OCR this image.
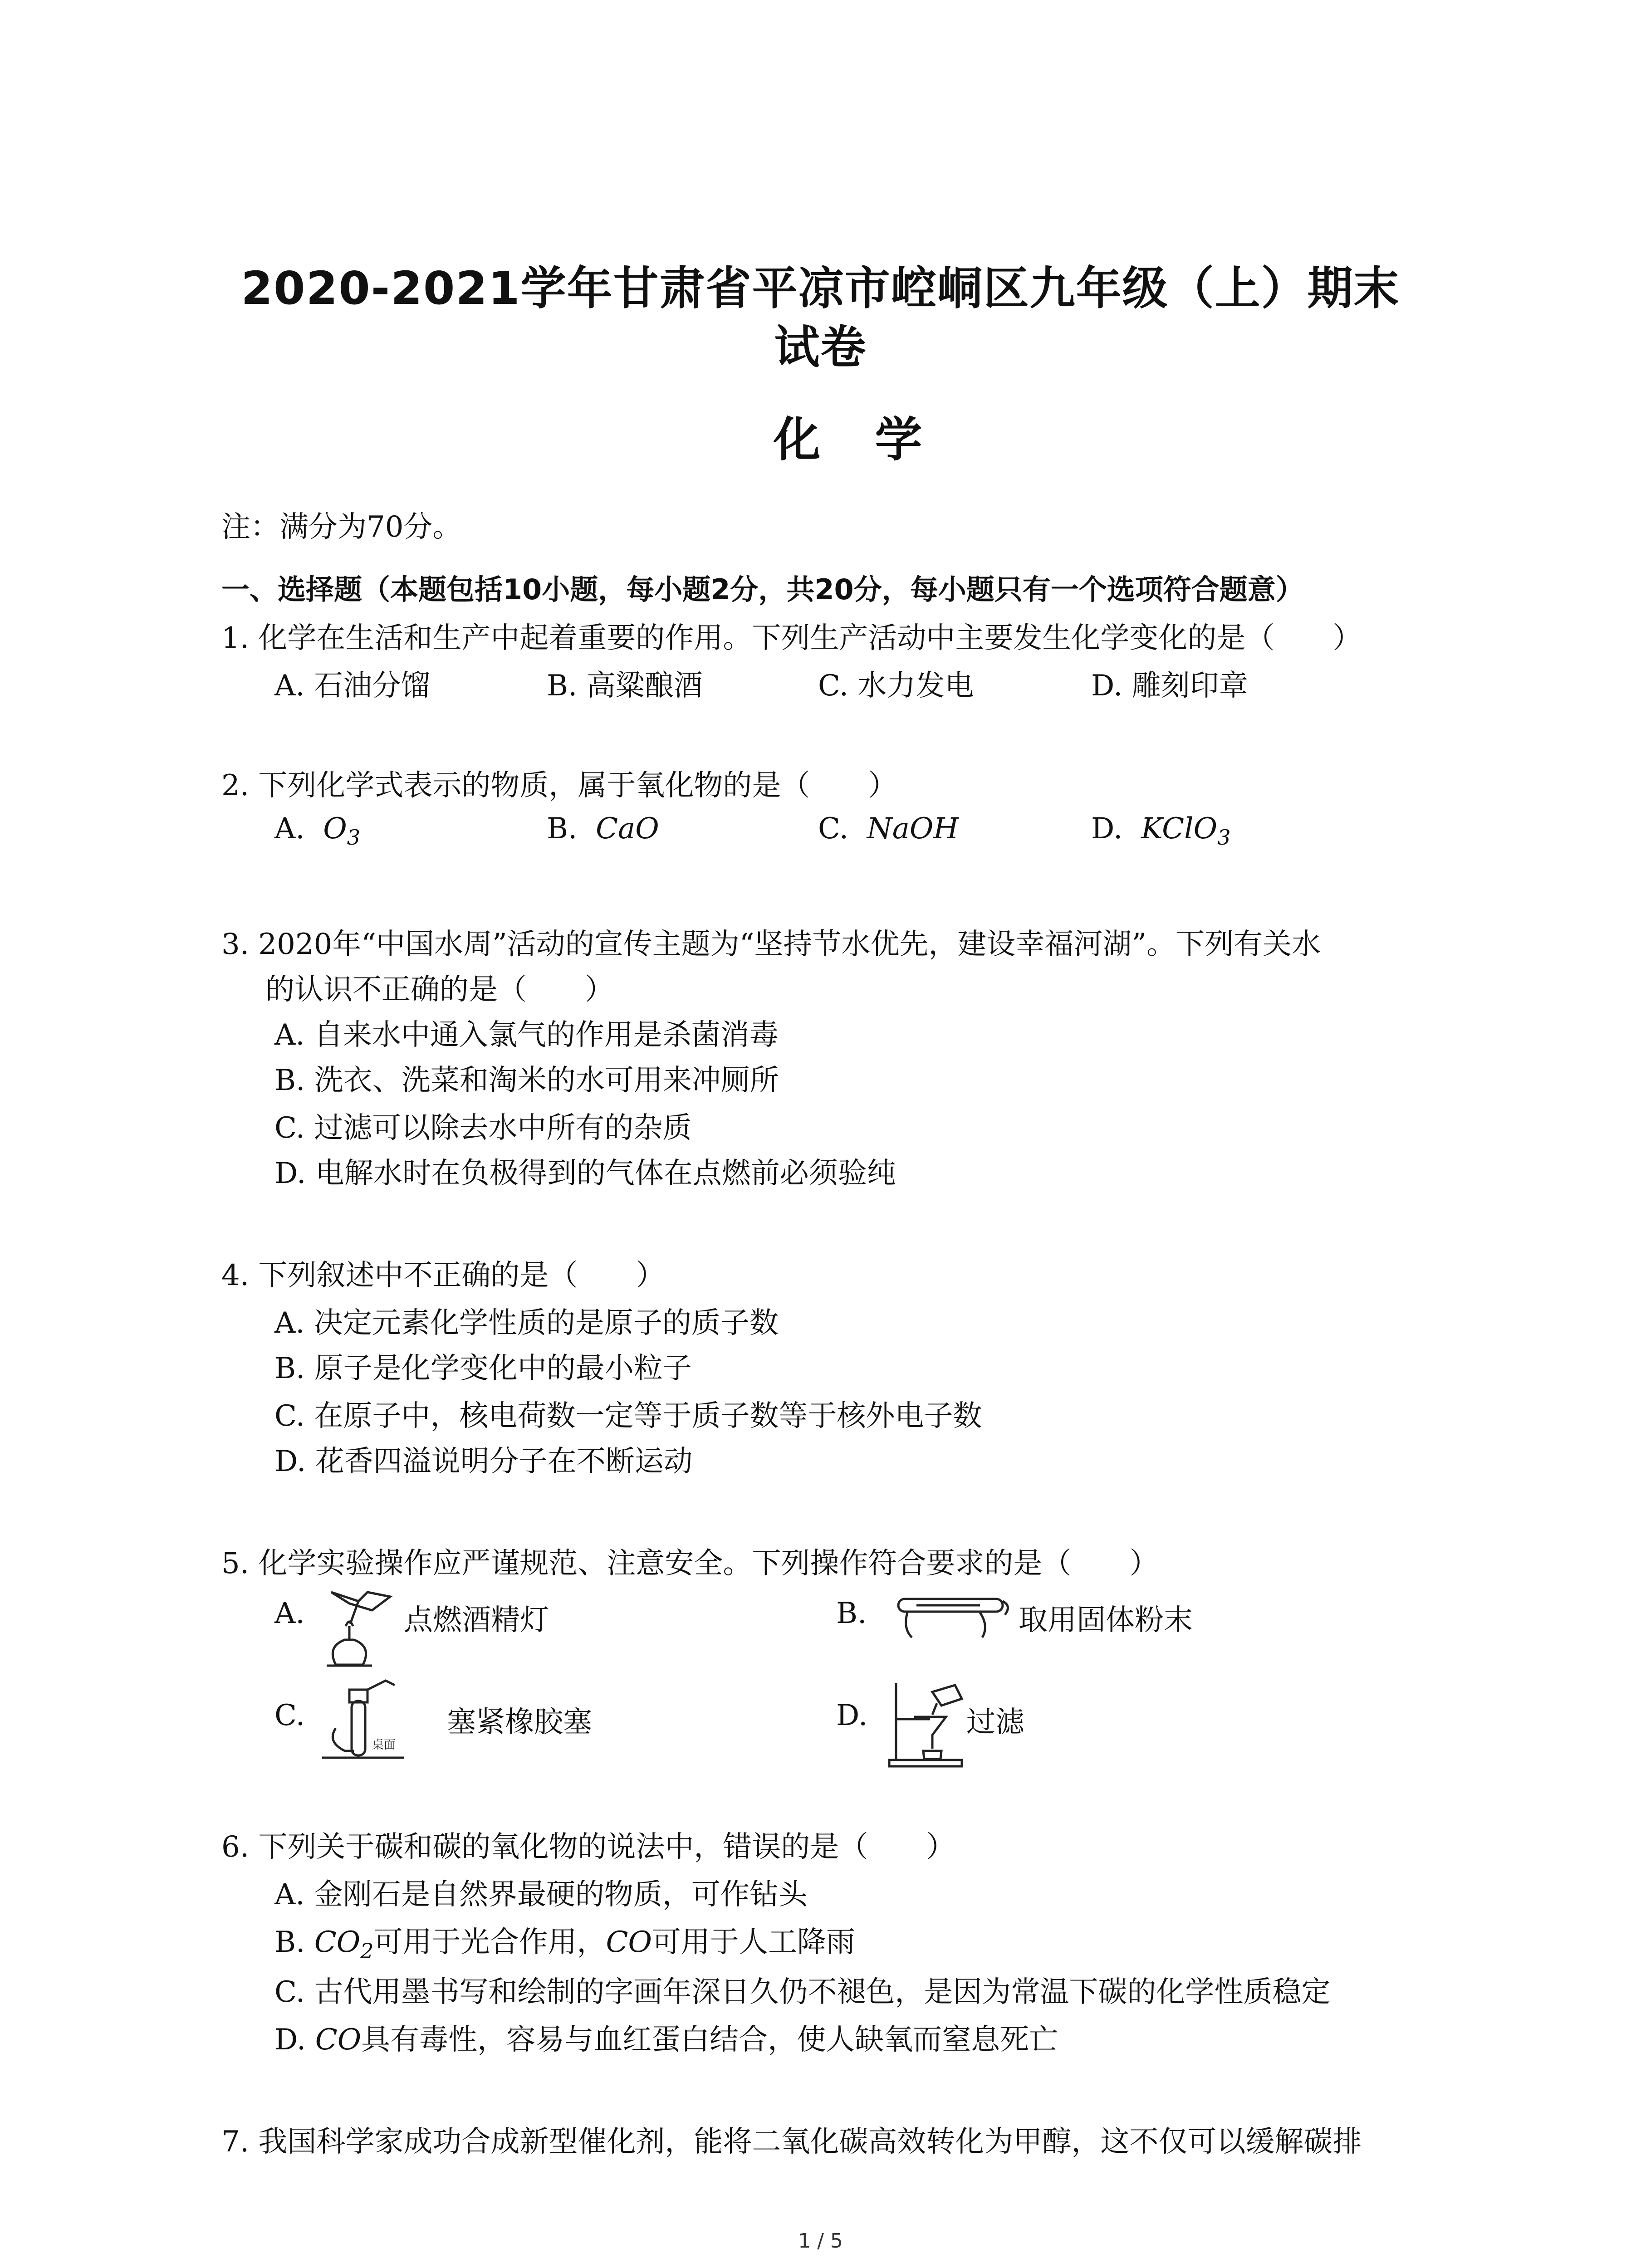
2020-2021学年甘肃省平凉市崆峒区九年级（上）期末
试卷
化学
注：满分为70分。
一、选择题（本题包括10小题，每小题2分，共20分，每小题只有一个选项符合题意）
1. 化学在生活和生产中起着重要的作用。下列生产活动中主要发生化学变化的是（　　）
A. 石油分馏	B. 高粱酿酒	C. 水力发电	D. 雕刻印章
2. 下列化学式表示的物质，属于氧化物的是（　　）
A. $O_3$	B. CaO	C. NaOH	D. KClO$_3$
3. 2020年“中国水周”活动的宣传主题为“坚持节水优先，建设幸福河湖”。下列有关水
的认识不正确的是（　　）
A. 自来水中通入氯气的作用是杀菌消毒
B. 洗衣、洗菜和淘米的水可用来冲厕所
C. 过滤可以除去水中所有的杂质
D. 电解水时在负极得到的气体在点燃前必须验纯
4. 下列叙述中不正确的是（　　）
A. 决定元素化学性质的是原子的质子数
B. 原子是化学变化中的最小粒子
C. 在原子中，核电荷数一定等于质子数等于核外电子数
D. 花香四溢说明分子在不断运动
5. 化学实验操作应严谨规范、注意安全。下列操作符合要求的是（　　）
A.	点燃酒精灯	B.	取用固体粉末
C.
桌面
塞紧橡胶塞	D.	过滤
6. 下列关于碳和碳的氧化物的说法中，错误的是（　　）
A. 金刚石是自然界最硬的物质，可作钻头
B. $CO_2$可用于光合作用，CO可用于人工降雨
C. 古代用墨书写和绘制的字画年深日久仍不褪色，是因为常温下碳的化学性质稳定
D. CO具有毒性，容易与血红蛋白结合，使人缺氧而窒息死亡
7. 我国科学家成功合成新型催化剂，能将二氧化碳高效转化为甲醇，这不仅可以缓解碳排
1 / 5
